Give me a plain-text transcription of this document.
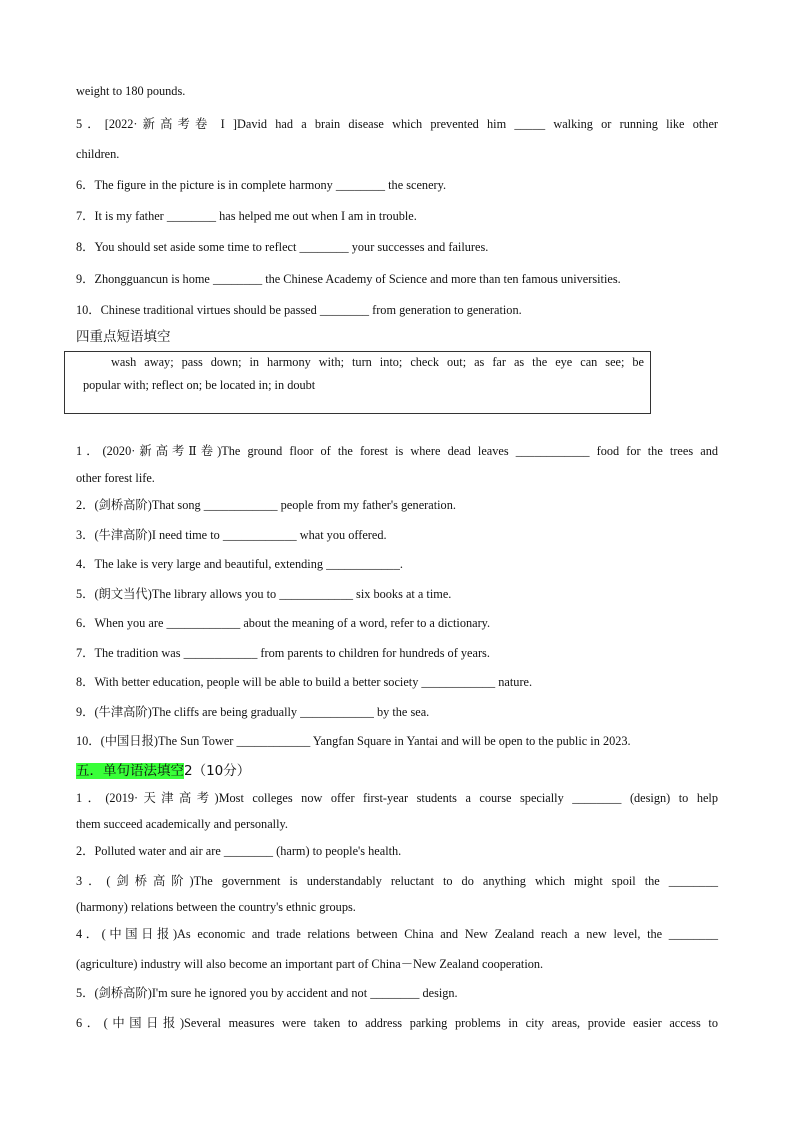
weight to 180 pounds.
5．[2022·新高考卷 I ]David had a brain disease which prevented him _____ walking or running like other
children.
6．The figure in the picture is in complete harmony ________ the scenery.
7．It is my father ________ has helped me out when I am in trouble.
8．You should set aside some time to reflect ________ your successes and failures.
9．Zhongguancun is home ________ the Chinese Academy of Science and more than ten famous universities.
10．Chinese traditional virtues should be passed ________ from generation to generation.
四重点短语填空
wash away; pass down; in harmony with; turn into; check out; as far as the eye can see; be
popular with; reflect on; be located in; in doubt
1．(2020·新高考Ⅱ卷)The ground floor of the forest is where dead leaves ____________ food for the trees and
other forest life.
2．(剑桥高阶)That song ____________ people from my father's generation.
3．(牛津高阶)I need time to ____________ what you offered.
4．The lake is very large and beautiful, extending ____________.
5．(朗文当代)The library allows you to ____________ six books at a time.
6．When you are ____________ about the meaning of a word, refer to a dictionary.
7．The tradition was ____________ from parents to children for hundreds of years.
8．With better education, people will be able to build a better society ____________ nature.
9．(牛津高阶)The cliffs are being gradually ____________ by the sea.
10．(中国日报)The Sun Tower ____________ Yangfan Square in Yantai and will be open to the public in 2023.
五．单句语法填空2（10分）
1．(2019·天津高考)Most colleges now offer first-year students a course specially ________ (design) to help
them succeed academically and personally.
2．Polluted water and air are ________ (harm) to people's health.
3．(剑桥高阶)The government is understandably reluctant to do anything which might spoil the ________
(harmony) relations between the country's ethnic groups.
4．(中国日报)As economic and trade relations between China and New Zealand reach a new level, the ________
(agriculture) industry will also become an important part of China－New Zealand cooperation.
5．(剑桥高阶)I'm sure he ignored you by accident and not ________ design.
6．(中国日报)Several measures were taken to address parking problems in city areas, provide easier access to
